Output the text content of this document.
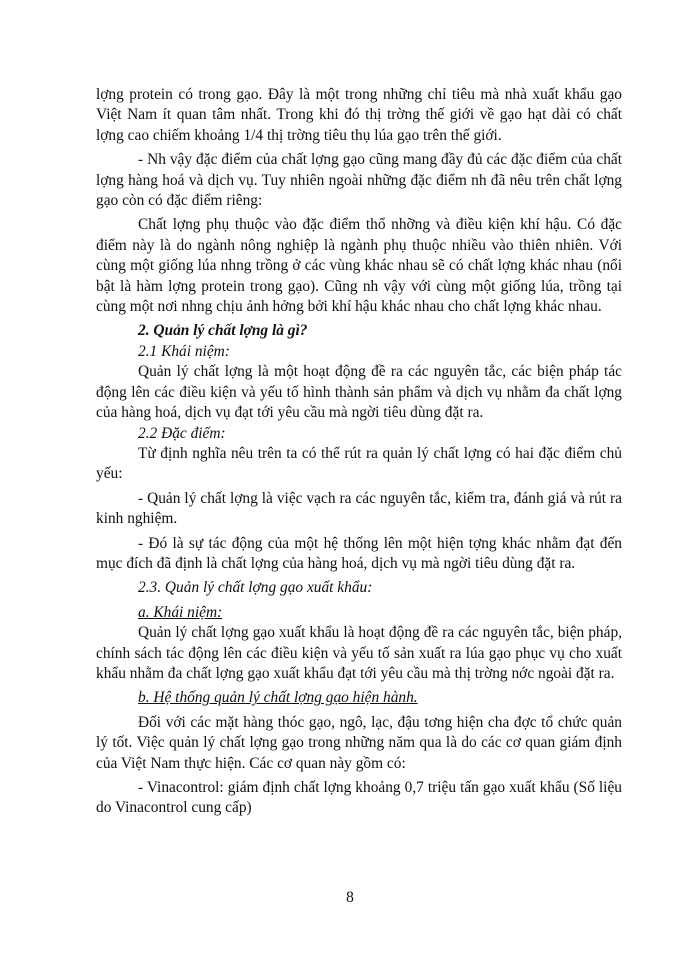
lợng protein có trong gạo. Đây là một trong những chỉ tiêu mà nhà xuất khẩu gạo Việt Nam ít quan tâm nhất. Trong khi đó thị trờng thế giới về gạo hạt dài có chất lợng cao chiếm khoảng 1/4 thị trờng tiêu thụ lúa gạo trên thế giới.

- Nh vậy đặc điểm của chất lợng gạo cũng mang đầy đủ các đặc điểm của chất lợng hàng hoá và dịch vụ. Tuy nhiên ngoài những đặc điểm nh đã nêu trên chất lợng gạo còn có đặc điểm riêng:

Chất lợng phụ thuộc vào đặc điểm thổ nhỡng và điều kiện khí hậu. Có đặc điểm này là do ngành nông nghiệp là ngành phụ thuộc nhiều vào thiên nhiên. Với cùng một giống lúa nhng trồng ở các vùng khác nhau sẽ có chất lợng khác nhau (nổi bật là hàm lợng protein trong gạo). Cũng nh vậy với cùng một giống lúa, trồng tại cùng một nơi nhng chịu ảnh hởng bởi khí hậu khác nhau cho chất lợng khác nhau.

2. Quản lý chất lợng là gì?

2.1 Khái niệm:

Quản lý chất lợng là một hoạt động đề ra các nguyên tắc, các biện pháp tác động lên các điều kiện và yếu tố hình thành sản phẩm và dịch vụ nhằm đa chất lợng của hàng hoá, dịch vụ đạt tới yêu cầu mà ngời tiêu dùng đặt ra.

2.2 Đặc điểm:

Từ định nghĩa nêu trên ta có thể rút ra quản lý chất lợng có hai đặc điểm chủ yếu:

- Quản lý chất lợng là việc vạch ra các nguyên tắc, kiểm tra, đánh giá và rút ra kinh nghiệm.

- Đó là sự tác động của một hệ thống lên một hiện tợng khác nhằm đạt đến mục đích đã định là chất lợng của hàng hoá, dịch vụ mà ngời tiêu dùng đặt ra.

2.3. Quản lý chất lợng gạo xuất khẩu:

a. Khái niệm:

Quản lý chất lợng gạo xuất khẩu là hoạt động đề ra các nguyên tắc, biện pháp, chính sách tác động lên các điều kiện và yếu tố sản xuất ra lúa gạo phục vụ cho xuất khẩu nhằm đa chất lợng gạo xuất khẩu đạt tới yêu cầu mà thị trờng nớc ngoài đặt ra.

b. Hệ thống quản lý chất lợng gạo hiện hành.

Đối với các mặt hàng thóc gạo, ngô, lạc, đậu tơng hiện cha đợc tổ chức quản lý tốt. Việc quản lý chất lợng gạo trong những năm qua là do các cơ quan giám định của Việt Nam thực hiện. Các cơ quan này gồm có:

- Vinacontrol: giám định chất lợng khoảng 0,7 triệu tấn gạo xuất khẩu (Số liệu do Vinacontrol cung cấp)

8
